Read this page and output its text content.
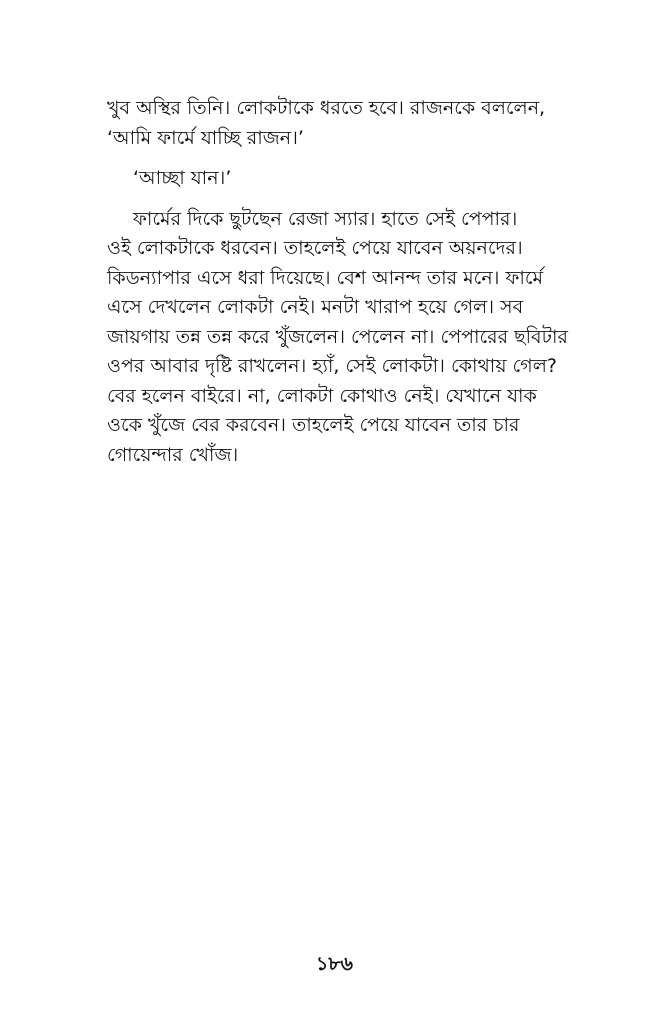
খুব অস্থির তিনি। লোকটাকে ধরতে হবে। রাজনকে বললেন,
‘আমি ফার্মে যাচ্ছি রাজন।’

‘আচ্ছা যান।’

ফার্মের দিকে ছুটছেন রেজা স্যার। হাতে সেই পেপার।
ওই লোকটাকে ধরবেন। তাহলেই পেয়ে যাবেন অয়নদের।
কিডন্যাপার এসে ধরা দিয়েছে। বেশ আনন্দ তার মনে। ফার্মে
এসে দেখলেন লোকটা নেই। মনটা খারাপ হয়ে গেল। সব
জায়গায় তন্ন তন্ন করে খুঁজলেন। পেলেন না। পেপারের ছবিটার
ওপর আবার দৃষ্টি রাখলেন। হ্যাঁ, সেই লোকটা। কোথায় গেল?
বের হলেন বাইরে। না, লোকটা কোথাও নেই। যেখানে যাক
ওকে খুঁজে বের করবেন। তাহলেই পেয়ে যাবেন তার চার
গোয়েন্দার খোঁজ।

১৮৬
